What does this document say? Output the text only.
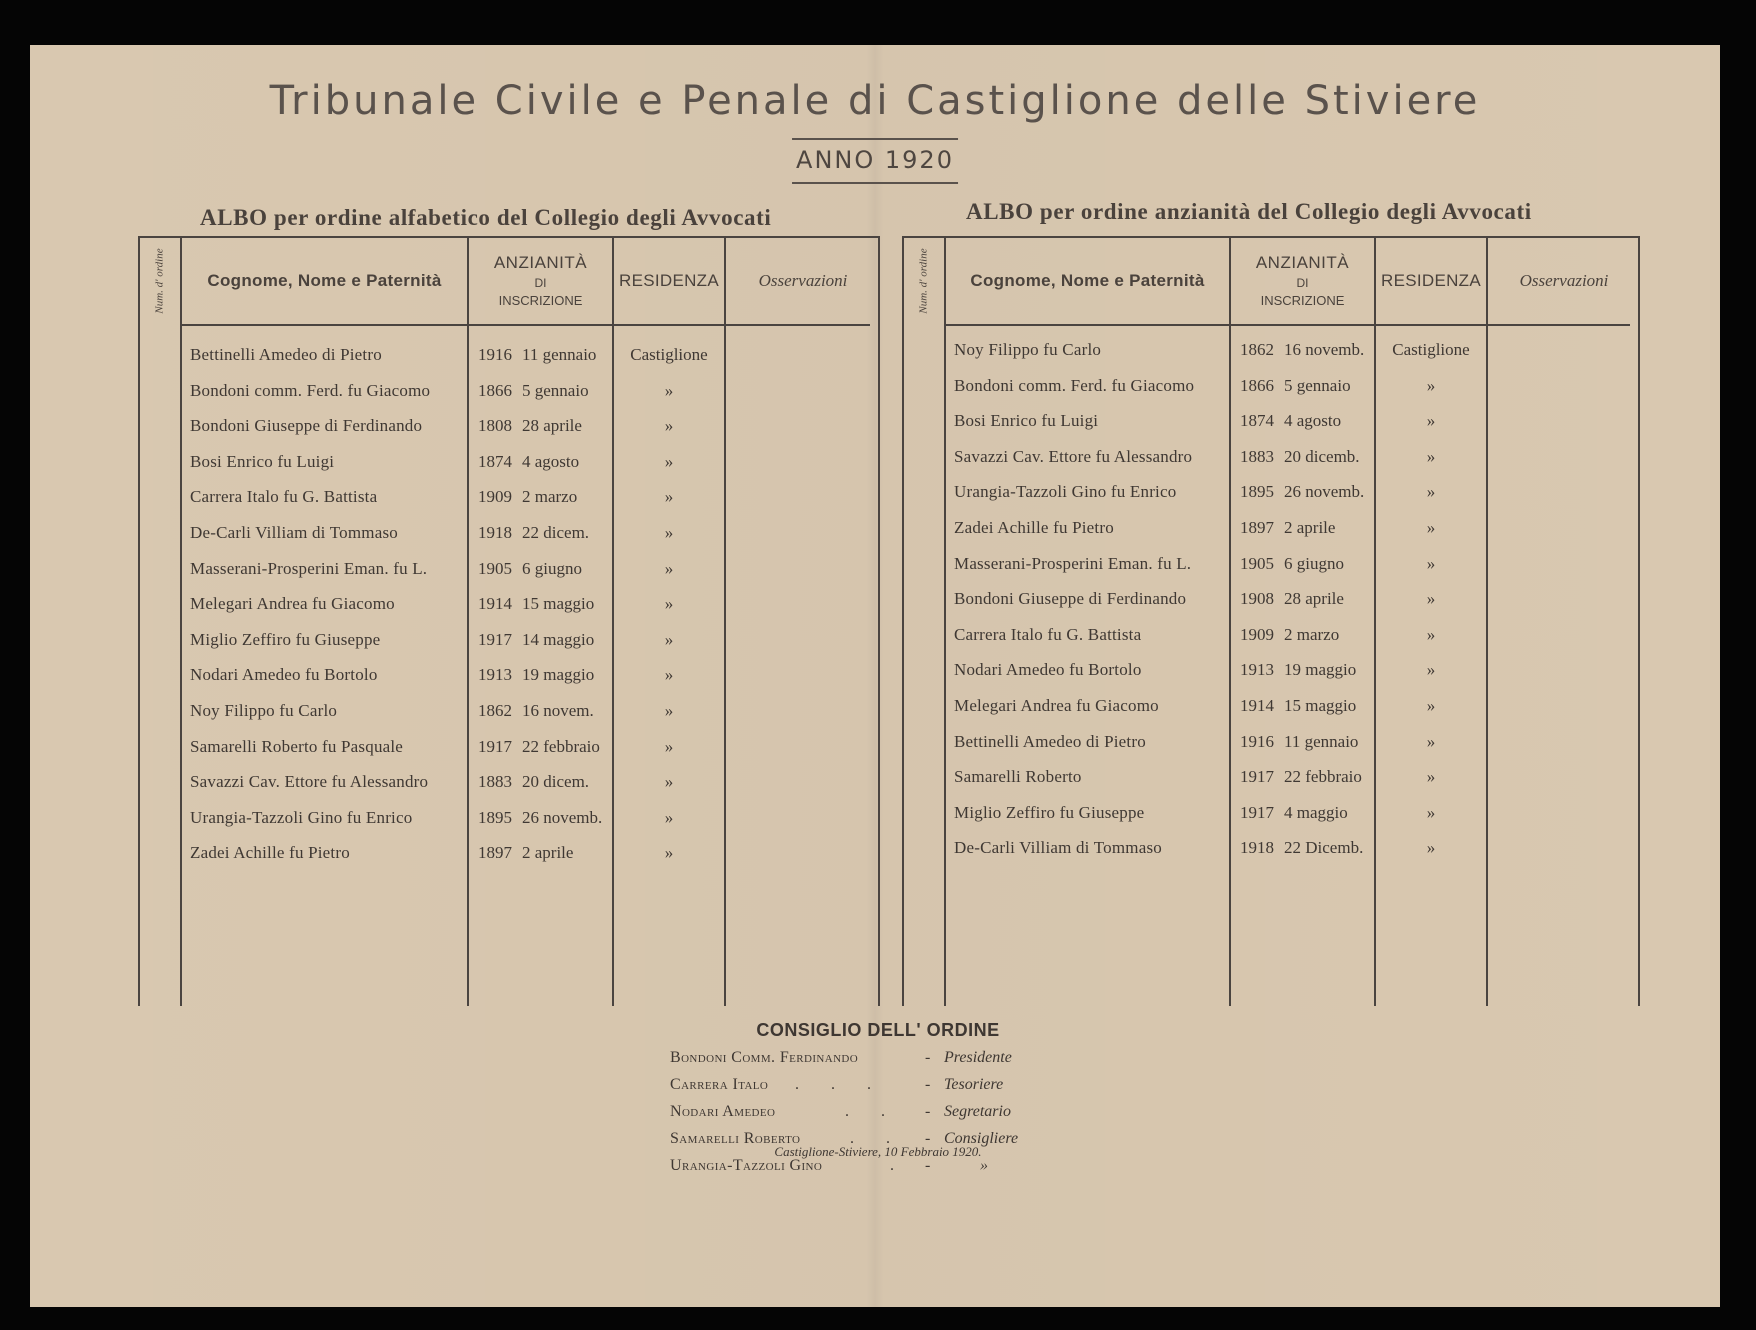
Tribunale Civile e Penale di Castiglione delle Stiviere
ANNO 1920
ALBO per ordine alfabetico del Collegio degli Avvocati
Num. d' ordine	Cognome, Nome e Paternità
ANZIANITÀ
DI
INSCRIZIONE
RESIDENZA	Osservazioni
Bettinelli Amedeo di Pietro	1916 11 gennaio	Castiglione
Bondoni comm. Ferd. fu Giacomo	1866 5 gennaio	»
Bondoni Giuseppe di Ferdinando	1808 28 aprile	»
Bosi Enrico fu Luigi	1874 4 agosto	»
Carrera Italo fu G. Battista	1909 2 marzo	»
De-Carli Villiam di Tommaso	1918 22 dicem.	»
Masserani-Prosperini Eman. fu L.	1905 6 giugno	»
Melegari Andrea fu Giacomo	1914 15 maggio	»
Miglio Zeffiro fu Giuseppe	1917 14 maggio	»
Nodari Amedeo fu Bortolo	1913 19 maggio	»
Noy Filippo fu Carlo	1862 16 novem.	»
Samarelli Roberto fu Pasquale	1917 22 febbraio	»
Savazzi Cav. Ettore fu Alessandro	1883 20 dicem.	»
Urangia-Tazzoli Gino fu Enrico	1895 26 novemb.	»
Zadei Achille fu Pietro	1897 2 aprile	»
ALBO per ordine anzianità del Collegio degli Avvocati
Num. d' ordine	Cognome, Nome e Paternità
ANZIANITÀ
DI
INSCRIZIONE
RESIDENZA	Osservazioni
Noy Filippo fu Carlo	1862 16 novemb.	Castiglione
Bondoni comm. Ferd. fu Giacomo	1866 5 gennaio	»
Bosi Enrico fu Luigi	1874 4 agosto	»
Savazzi Cav. Ettore fu Alessandro	1883 20 dicemb.	»
Urangia-Tazzoli Gino fu Enrico	1895 26 novemb.	»
Zadei Achille fu Pietro	1897 2 aprile	»
Masserani-Prosperini Eman. fu L.	1905 6 giugno	»
Bondoni Giuseppe di Ferdinando	1908 28 aprile	»
Carrera Italo fu G. Battista	1909 2 marzo	»
Nodari Amedeo fu Bortolo	1913 19 maggio	»
Melegari Andrea fu Giacomo	1914 15 maggio	»
Bettinelli Amedeo di Pietro	1916 11 gennaio	»
Samarelli Roberto	1917 22 febbraio	»
Miglio Zeffiro fu Giuseppe	1917 4 maggio	»
De-Carli Villiam di Tommaso	1918 22 Dicemb.	»
CONSIGLIO DELL' ORDINE
Bondoni Comm. Ferdinando	- Presidente
Carrera Italo . . .	- Tesoriere
Nodari Amedeo	. . - Segretario
Samarelli Roberto	. . - Consigliere
Urangia-Tazzoli Gino	. -	»
Castiglione-Stiviere, 10 Febbraio 1920.
